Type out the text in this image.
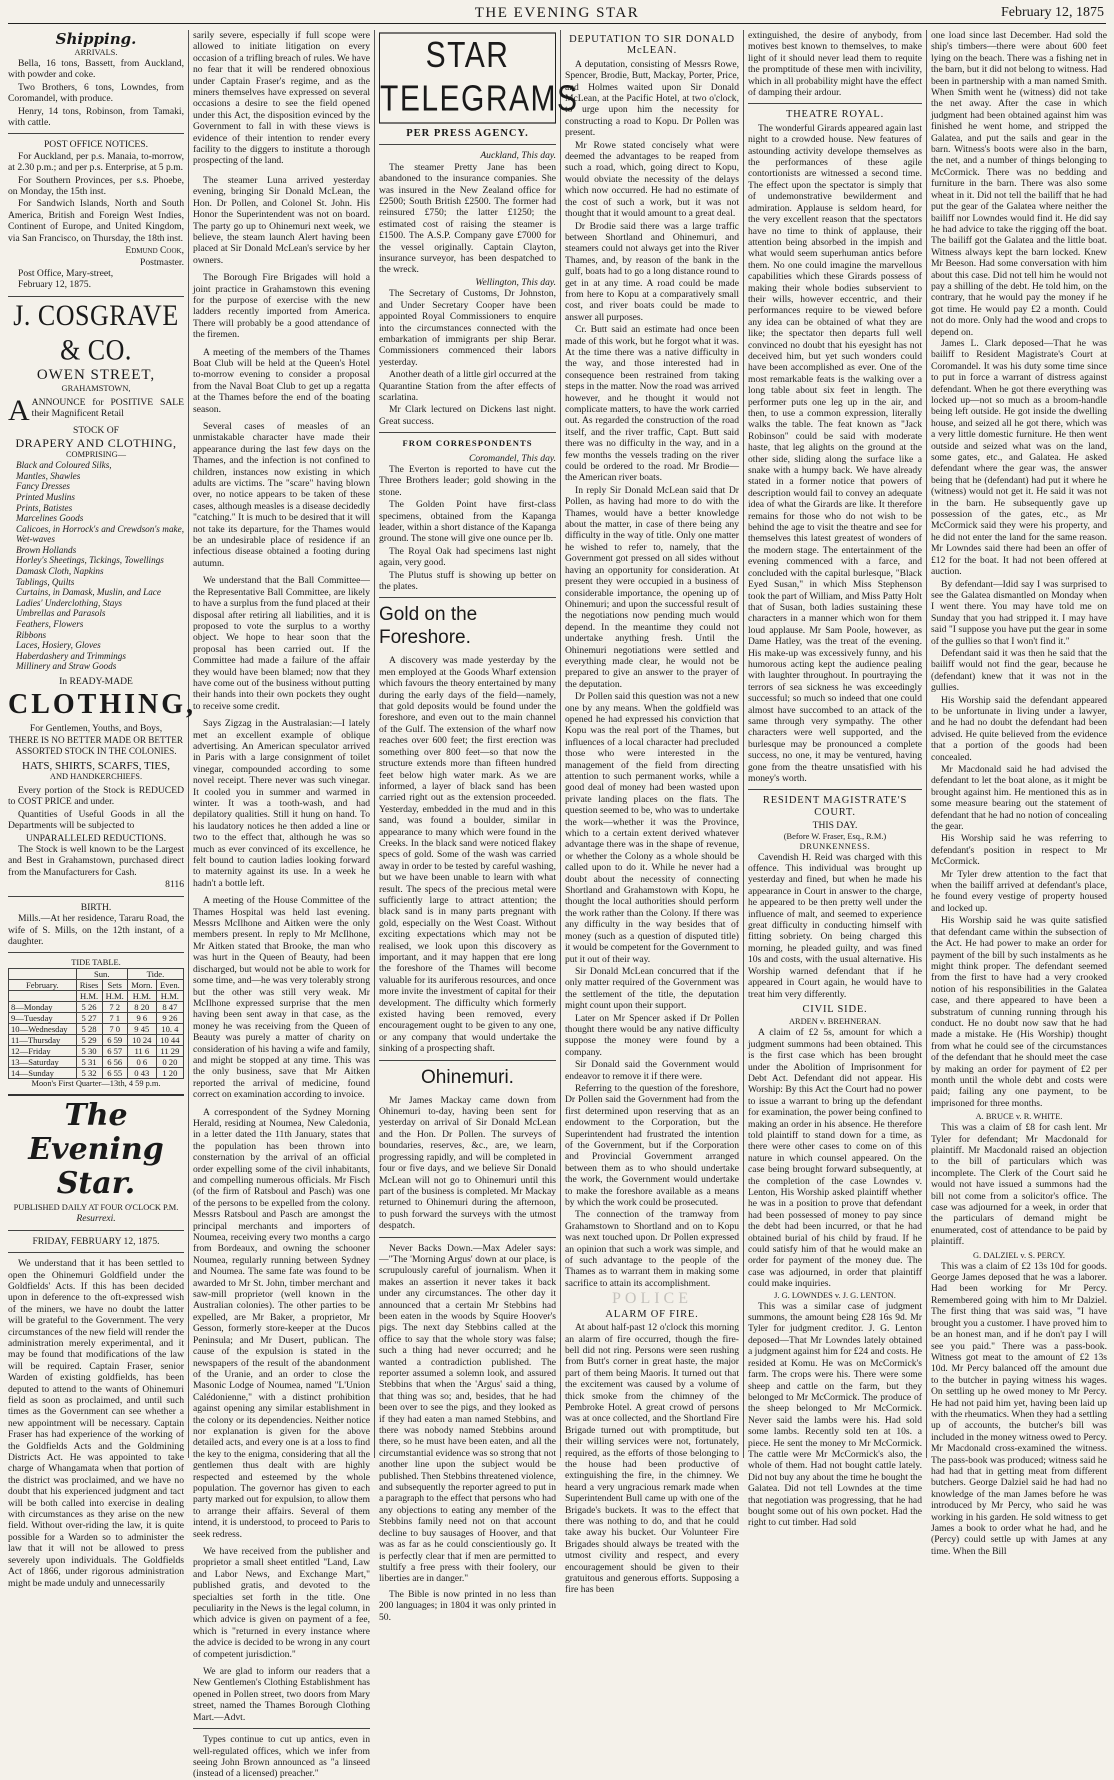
THE EVENING STAR	February 12, 1875
Shipping.
ARRIVALS.
Bella, 16 tons, Bassett, from Auckland, with powder and coke.
Two Brothers, 6 tons, Lowndes, from Coromandel, with produce.
Henry, 14 tons, Robinson, from Tamaki, with cattle.
POST OFFICE NOTICES.
For Auckland, per p.s. Manaia, to-morrow, at 2.30 p.m.; and per p.s. Enterprise, at 5 p.m.
For Southern Provinces, per s.s. Phoebe, on Monday, the 15th inst.
For Sandwich Islands, North and South America, British and Foreign West Indies, Continent of Europe, and United Kingdom, via San Francisco, on Thursday, the 18th inst.
Edmund Cook,
Postmaster.
Post Office, Mary-street,
February 12, 1875.
J. COSGRAVE & CO.
OWEN STREET,
GRAHAMSTOWN,
AANNOUNCE for POSITIVE SALE their Magnificent Retail
STOCK OF
DRAPERY AND CLOTHING,
COMPRISING—
Black and Coloured Silks,
Mantles, Shawles
Fancy Dresses
Printed Muslins
Prints, Batistes
Marcelines Goods
Calicoes, in Horrock's and Crewdson's make, Wet-waves
Brown Hollands
Horley's Sheetings, Tickings, Towellings
Damask Cloth, Napkins
Tablings, Quilts
Curtains, in Damask, Muslin, and Lace
Ladies' Underclothing, Stays
Umbrellas and Parasols
Feathers, Flowers
Ribbons
Laces, Hosiery, Gloves
Haberdashery and Trimmings
Millinery and Straw Goods
In READY-MADE
CLOTHING,
For Gentlemen, Youths, and Boys,
THERE IS NO BETTER MADE OR BETTER ASSORTED STOCK IN THE COLONIES.
HATS, SHIRTS, SCARFS, TIES,
AND HANDKERCHIEFS.
Every portion of the Stock is REDUCED to COST PRICE and under.
Quantities of Useful Goods in all the Departments will be subjected to
UNPARALLELED REDUCTIONS.
The Stock is well known to be the Largest and Best in Grahamstown, purchased direct from the Manufacturers for Cash.
8116
BIRTH.
Mills.—At her residence, Tararu Road, the wife of S. Mills, on the 12th instant, of a daughter.
TIDE TABLE.
	Sun.		Tide.	
February.	Rises	Sets	Morn.	Even.
	H.M.	H.M.	H.M.	H.M.
8—Monday	5 26	7 2	8 20	8 47
9—Tuesday	5 27	7 1	9 6	9 26
10—Wednesday	5 28	7 0	9 45	10. 4
11—Thursday	5 29	6 59	10 24	10 44
12—Friday	5 30	6 57	11 6	11 29
13—Saturday	5 31	6 56	0 6	0 20
14—Sunday	5 32	6 55	0 43	1 20
Moon's First Quarter—13th, 4 59 p.m.
The Evening Star.
PUBLISHED DAILY AT FOUR O'CLOCK P.M.
Resurrexi.
FRIDAY, FEBRUARY 12, 1875.
We understand that it has been settled to open the Ohinemuri Goldfield under the Goldfields' Acts. If this has been decided upon in deference to the oft-expressed wish of the miners, we have no doubt the latter will be grateful to the Government. The very circumstances of the new field will render the administration merely experimental, and it may be found that modifications of the law will be required. Captain Fraser, senior Warden of existing goldfields, has been deputed to attend to the wants of Ohinemuri field as soon as proclaimed, and until such times as the Government can see whether a new appointment will be necessary. Captain Fraser has had experience of the working of the Goldfields Acts and the Goldmining Districts Act. He was appointed to take charge of Whangamata when that portion of the district was proclaimed, and we have no doubt that his experienced judgment and tact will be both called into exercise in dealing with circumstances as they arise on the new field. Without over-riding the law, it is quite possible for a Warden so to administer the law that it will not be allowed to press severely upon individuals. The Goldfields Act of 1866, under rigorous administration might be made unduly and unnecessarily
sarily severe, especially if full scope were allowed to initiate litigation on every occasion of a trifling breach of rules. We have no fear that it will be rendered obnoxious under Captain Fraser's regime, and as the miners themselves have expressed on several occasions a desire to see the field opened under this Act, the disposition evinced by the Government to fall in with these views is evidence of their intention to render every facility to the diggers to institute a thorough prospecting of the land.
The steamer Luna arrived yesterday evening, bringing Sir Donald McLean, the Hon. Dr Pollen, and Colonel St. John. His Honor the Superintendent was not on board. The party go up to Ohinemuri next week, we believe, the steam launch Alert having been placed at Sir Donald McLean's service by her owners.
The Borough Fire Brigades will hold a joint practice in Grahamstown this evening for the purpose of exercise with the new ladders recently imported from America. There will probably be a good attendance of the firemen.
A meeting of the members of the Thames Boat Club will be held at the Queen's Hotel to-morrow evening to consider a proposal from the Naval Boat Club to get up a regatta at the Thames before the end of the boating season.
Several cases of measles of an unmistakable character have made their appearance during the last few days on the Thames, and the infection is not confined to children, instances now existing in which adults are victims. The "scare" having blown over, no notice appears to be taken of these cases, although measles is a disease decidedly "catching." It is much to be desired that it will not take its departure, for the Thames would be an undesirable place of residence if an infectious disease obtained a footing during autumn.
We understand that the Ball Committee—the Representative Ball Committee, are likely to have a surplus from the fund placed at their disposal after retiring all liabilities, and it is proposed to vote the surplus to a worthy object. We hope to hear soon that the proposal has been carried out. If the Committee had made a failure of the affair they would have been blamed; now that they have come out of the business without putting their hands into their own pockets they ought to receive some credit.
Says Zigzag in the Australasian:—I lately met an excellent example of oblique advertising. An American speculator arrived in Paris with a large consignment of toilet vinegar, compounded according to some novel receipt. There never was such vinegar. It cooled you in summer and warmed in winter. It was a tooth-wash, and had depilatory qualities. Still it hung on hand. To his laudatory notices he then added a line or two to the effect that, although he was so much as ever convinced of its excellence, he felt bound to caution ladies looking forward to maternity against its use. In a week he hadn't a bottle left.
A meeting of the House Committee of the Thames Hospital was held last evening. Messrs McIlhone and Aitken were the only members present. In reply to Mr McIlhone, Mr Aitken stated that Brooke, the man who was hurt in the Queen of Beauty, had been discharged, but would not be able to work for some time, and—he was very tolerably strong but the other was still very weak. Mr McIlhone expressed surprise that the men having been sent away in that case, as the money he was receiving from the Queen of Beauty was purely a matter of charity on consideration of his having a wife and family, and might be stopped at any time. This was the only business, save that Mr Aitken reported the arrival of medicine, found correct on examination according to invoice.
A correspondent of the Sydney Morning Herald, residing at Noumea, New Caledonia, in a letter dated the 11th January, states that the population has been thrown into consternation by the arrival of an official order expelling some of the civil inhabitants, and compelling numerous officials. Mr Fisch (of the firm of Ratsboul and Pasch) was one of the persons to be expelled from the colony. Messrs Ratsboul and Pasch are amongst the principal merchants and importers of Noumea, receiving every two months a cargo from Bordeaux, and owning the schooner Noumea, regularly running between Sydney and Noumea. The same fate was found to be awarded to Mr St. John, timber merchant and saw-mill proprietor (well known in the Australian colonies). The other parties to be expelled, are Mr Baker, a proprietor, Mr Gesson, formerly store-keeper at the Ducos Peninsula; and Mr Dusert, publican. The cause of the expulsion is stated in the newspapers of the result of the abandonment of the Uranie, and an order to close the Masonic Lodge of Noumea, named "L'Union Calédonienne," with a distinct prohibition against opening any similar establishment in the colony or its dependencies. Neither notice nor explanation is given for the above detailed acts, and every one is at a loss to find the key to the enigma, considering that all the gentlemen thus dealt with are highly respected and esteemed by the whole population. The governor has given to each party marked out for expulsion, to allow them to arrange their affairs. Several of them intend, it is understood, to proceed to Paris to seek redress.
We have received from the publisher and proprietor a small sheet entitled "Land, Law and Labor News, and Exchange Mart," published gratis, and devoted to the specialties set forth in the title. One peculiarity in the News is the legal column, in which advice is given on payment of a fee, which is "returned in every instance where the advice is decided to be wrong in any court of competent jurisdiction."
We are glad to inform our readers that a New Gentlemen's Clothing Establishment has opened in Pollen street, two doors from Mary street, named the Thames Borough Clothing Mart.—Advt.
Types continue to cut up antics, even in well-regulated offices, which we infer from seeing John Brown announced as "a linseed (instead of a licensed) preacher."
STAR TELEGRAMS
PER PRESS AGENCY.
Auckland, This day.
The steamer Pretty Jane has been abandoned to the insurance companies. She was insured in the New Zealand office for £2500; South British £2500. The former had reinsured £750; the latter £1250; the estimated cost of raising the steamer is £1500. The A.S.P. Company gave £7000 for the vessel originally. Captain Clayton, insurance surveyor, has been despatched to the wreck.
Wellington, This day.
The Secretary of Customs, Dr Johnston, and Under Secretary Cooper have been appointed Royal Commissioners to enquire into the circumstances connected with the embarkation of immigrants per ship Berar. Commissioners commenced their labors yesterday.
Another death of a little girl occurred at the Quarantine Station from the after effects of scarlatina.
Mr Clark lectured on Dickens last night. Great success.
FROM CORRESPONDENTS
Coromandel, This day.
The Everton is reported to have cut the Three Brothers leader; gold showing in the stone.
The Golden Point have first-class specimens, obtained from the Kapanga leader, within a short distance of the Kapanga ground. The stone will give one ounce per lb.
The Royal Oak had specimens last night again, very good.
The Plutus stuff is showing up better on the plates.
Gold on the Foreshore.
A discovery was made yesterday by the men employed at the Goods Wharf extension which favours the theory entertained by many during the early days of the field—namely, that gold deposits would be found under the foreshore, and even out to the main channel of the Gulf. The extension of the wharf now reaches over 600 feet; the first erection was something over 800 feet—so that now the structure extends more than fifteen hundred feet below high water mark. As we are informed, a layer of black sand has been carried right out as the extension proceeded. Yesterday, embedded in the mud and in this sand, was found a boulder, similar in appearance to many which were found in the Creeks. In the black sand were noticed flakey specs of gold. Some of the wash was carried away in order to be tested by careful washing, but we have been unable to learn with what result. The specs of the precious metal were sufficiently large to attract attention; the black sand is in many parts pregnant with gold, especially on the West Coast. Without exciting expectations which may not be realised, we look upon this discovery as important, and it may happen that ere long the foreshore of the Thames will become valuable for its auriferous resources, and once more invite the investment of capital for their development. The difficulty which formerly existed having been removed, every encouragement ought to be given to any one, or any company that would undertake the sinking of a prospecting shaft.
Ohinemuri.
Mr James Mackay came down from Ohinemuri to-day, having been sent for yesterday on arrival of Sir Donald McLean and the Hon. Dr Pollen. The surveys of boundaries, reserves, &c., are, we learn, progressing rapidly, and will be completed in four or five days, and we believe Sir Donald McLean will not go to Ohinemuri until this part of the business is completed. Mr Mackay returned to Ohinemuri during the afternoon, to push forward the surveys with the utmost despatch.
Never Backs Down.—Max Adeler says:—"The 'Morning Argus' down at our place, is scrupulously careful of journalism. When it makes an assertion it never takes it back under any circumstances. The other day it announced that a certain Mr Stebbins had been eaten in the woods by Squire Hoover's pigs. The next day Stebbins called at the office to say that the whole story was false; such a thing had never occurred; and he wanted a contradiction published. The reporter assumed a solemn look, and assured Stebbins that when the 'Argus' said a thing, that thing was so; and, besides, that he had been over to see the pigs, and they looked as if they had eaten a man named Stebbins, and there was nobody named Stebbins around there, so he must have been eaten, and all the circumstantial evidence was so strong that not another line upon the subject would be published. Then Stebbins threatened violence, and subsequently the reporter agreed to put in a paragraph to the effect that persons who had any objections to eating any member of the Stebbins family need not on that account decline to buy sausages of Hoover, and that was as far as he could conscientiously go. It is perfectly clear that if men are permitted to stultify a free press with their foolery, our liberties are in danger."
The Bible is now printed in no less than 200 languages; in 1804 it was only printed in 50.
DEPUTATION TO SIR DONALD McLEAN.
A deputation, consisting of Messrs Rowe, Spencer, Brodie, Butt, Mackay, Porter, Price, and Holmes waited upon Sir Donald McLean, at the Pacific Hotel, at two o'clock, to urge upon him the necessity for constructing a road to Kopu. Dr Pollen was present.
Mr Rowe stated concisely what were deemed the advantages to be reaped from such a road, which, going direct to Kopu, would obviate the necessity of the delays which now occurred. He had no estimate of the cost of such a work, but it was not thought that it would amount to a great deal.
Dr Brodie said there was a large traffic between Shortland and Ohinemuri, and steamers could not always get into the River Thames, and, by reason of the bank in the gulf, boats had to go a long distance round to get in at any time. A road could be made from here to Kopu at a comparatively small cost, and river boats could be made to answer all purposes.
Cr. Butt said an estimate had once been made of this work, but he forgot what it was. At the time there was a native difficulty in the way, and those interested had in consequence been restrained from taking steps in the matter. Now the road was arrived however, and he thought it would not complicate matters, to have the work carried out. As regarded the construction of the road itself, and the river traffic, Capt. Butt said there was no difficulty in the way, and in a few months the vessels trading on the river could be ordered to the road. Mr Brodie—the American river boats.
In reply Sir Donald McLean said that Dr Pollen, as having had more to do with the Thames, would have a better knowledge about the matter, in case of there being any difficulty in the way of title. Only one matter he wished to refer to, namely, that the Government got pressed on all sides without having an opportunity for consideration. At present they were occupied in a business of considerable importance, the opening up of Ohinemuri; and upon the successful result of the negotiations now pending much would depend. In the meantime they could not undertake anything fresh. Until the Ohinemuri negotiations were settled and everything made clear, he would not be prepared to give an answer to the prayer of the deputation.
Dr Pollen said this question was not a new one by any means. When the goldfield was opened he had expressed his conviction that Kopu was the real port of the Thames, but influences of a local character had precluded those who were interested in the management of the field from directing attention to such permanent works, while a good deal of money had been wasted upon private landing places on the flats. The question seemed to be, who was to undertake the work—whether it was the Province, which to a certain extent derived whatever advantage there was in the shape of revenue, or whether the Colony as a whole should be called upon to do it. While he never had a doubt about the necessity of connecting Shortland and Grahamstown with Kopu, he thought the local authorities should perform the work rather than the Colony. If there was any difficulty in the way besides that of money (such as a question of disputed title) it would be competent for the Government to put it out of their way.
Sir Donald McLean concurred that if the only matter required of the Government was the settlement of the title, the deputation might count upon their support.
Later on Mr Spencer asked if Dr Pollen thought there would be any native difficulty suppose the money were found by a company.
Sir Donald said the Government would endeavor to remove it if there were.
Referring to the question of the foreshore, Dr Pollen said the Government had from the first determined upon reserving that as an endowment to the Corporation, but the Superintendent had frustrated the intention of the Government, but if the Corporation and Provincial Government arranged between them as to who should undertake the work, the Government would undertake to make the foreshore available as a means by which the work could be prosecuted.
The connection of the tramway from Grahamstown to Shortland and on to Kopu was next touched upon. Dr Pollen expressed an opinion that such a work was simple, and of such advantage to the people of the Thames as to warrant them in making some sacrifice to attain its accomplishment.
POLICE
ALARM OF FIRE.
At about half-past 12 o'clock this morning an alarm of fire occurred, though the fire-bell did not ring. Persons were seen rushing from Butt's corner in great haste, the major part of them being Maoris. It turned out that the excitement was caused by a volume of thick smoke from the chimney of the Pembroke Hotel. A great crowd of persons was at once collected, and the Shortland Fire Brigade turned out with promptitude, but their willing services were not, fortunately, required, as the efforts of those belonging to the house had been productive of extinguishing the fire, in the chimney. We heard a very ungracious remark made when Superintendent Bull came up with one of the Brigade's buckets. It was to the effect that there was nothing to do, and that he could take away his bucket. Our Volunteer Fire Brigades should always be treated with the utmost civility and respect, and every encouragement should be given to their gratuitous and generous efforts. Supposing a fire has been
extinguished, the desire of anybody, from motives best known to themselves, to make light of it should never lead them to requite the promptitude of these men with incivility, which in all probability might have the effect of damping their ardour.
THEATRE ROYAL.
The wonderful Girards appeared again last night to a crowded house. New features of astounding activity develope themselves as the performances of these agile contortionists are witnessed a second time. The effect upon the spectator is simply that of undemonstrative bewilderment and admiration. Applause is seldom heard, for the very excellent reason that the spectators have no time to think of applause, their attention being absorbed in the impish and what would seem superhuman antics before them. No one could imagine the marvellous capabilities which these Girards possess of making their whole bodies subservient to their wills, however eccentric, and their performances require to be viewed before any idea can be obtained of what they are like; the spectator then departs full well convinced no doubt that his eyesight has not deceived him, but yet such wonders could have been accomplished as ever. One of the most remarkable feats is the walking over a long table about six feet in length. The performer puts one leg up in the air, and then, to use a common expression, literally walks the table. The feat known as "Jack Robinson" could be said with moderate haste, that leg alights on the ground at the other side, sliding along the surface like a snake with a humpy back. We have already stated in a former notice that powers of description would fail to convey an adequate idea of what the Girards are like. It therefore remains for those who do not wish to be behind the age to visit the theatre and see for themselves this latest greatest of wonders of the modern stage. The entertainment of the evening commenced with a farce, and concluded with the capital burlesque, "Black Eyed Susan," in which Miss Stephenson took the part of William, and Miss Patty Holt that of Susan, both ladies sustaining these characters in a manner which won for them loud applause. Mr Sam Poole, however, as Dame Hatley, was the treat of the evening. His make-up was excessively funny, and his humorous acting kept the audience pealing with laughter throughout. In pourtraying the terrors of sea sickness he was exceedingly successful; so much so indeed that one could almost have succombed to an attack of the same through very sympathy. The other characters were well supported, and the burlesque may be pronounced a complete success, no one, it may be ventured, having gone from the theatre unsatisfied with his money's worth.
RESIDENT MAGISTRATE'S COURT.
THIS DAY.
(Before W. Fraser, Esq., R.M.)
DRUNKENNESS.
Cavendish H. Reid was charged with this offence. This individual was brought up yesterday and fined, but when he made his appearance in Court in answer to the charge, he appeared to be then pretty well under the influence of malt, and seemed to experience great difficulty in conducting himself with fitting sobriety. On being charged this morning, he pleaded guilty, and was fined 10s and costs, with the usual alternative. His Worship warned defendant that if he appeared in Court again, he would have to treat him very differently.
CIVIL SIDE.
ARDEN v. BREHNERAN.
A claim of £2 5s, amount for which a judgment summons had been obtained. This is the first case which has been brought under the Abolition of Imprisonment for Debt Act. Defendant did not appear. His Worship: By this Act the Court had no power to issue a warrant to bring up the defendant for examination, the power being confined to making an order in his absence. He therefore told plaintiff to stand down for a time, as there were other cases to come on of this nature in which counsel appeared. On the case being brought forward subsequently, at the completion of the case Lowndes v. Lenton, His Worship asked plaintiff whether he was in a position to prove that defendant had been possessed of money to pay since the debt had been incurred, or that he had obtained burial of his child by fraud. If he could satisfy him of that he would make an order for payment of the money due. The case was adjourned, in order that plaintiff could make inquiries.
J. G. LOWNDES v. J. G. LENTON.
This was a similar case of judgment summons, the amount being £28 16s 9d. Mr Tyler for judgment creditor. J. G. Lenton deposed—That Mr Lowndes lately obtained a judgment against him for £24 and costs. He resided at Komu. He was on McCormick's farm. The crops were his. There were some sheep and cattle on the farm, but they belonged to Mr McCormick. The produce of the sheep belonged to Mr McCormick. Never said the lambs were his. Had sold some lambs. Recently sold ten at 10s. a piece. He sent the money to Mr McCormick. The cattle were Mr McCormick's also, the whole of them. Had not bought cattle lately. Did not buy any about the time he bought the Galatea. Did not tell Lowndes at the time that negotiation was progressing, that he had bought some out of his own pocket. Had the right to cut timber. Had sold
one load since last December. Had sold the ship's timbers—there were about 600 feet lying on the beach. There was a fishing net in the barn, but it did not belong to witness. Had been in partnership with a man named Smith. When Smith went he (witness) did not take the net away. After the case in which judgment had been obtained against him was finished he went home, and stripped the Galatea, and put the sails and gear in the barn. Witness's boots were also in the barn, the net, and a number of things belonging to McCormick. There was no bedding and furniture in the barn. There was also some wheat in it. Did not tell the bailiff that he had put the gear of the Galatea where neither the bailiff nor Lowndes would find it. He did say he had advice to take the rigging off the boat. The bailiff got the Galatea and the little boat. Witness always kept the barn locked. Knew Mr Beeson. Had some conversation with him about this case. Did not tell him he would not pay a shilling of the debt. He told him, on the contrary, that he would pay the money if he got time. He would pay £2 a month. Could not do more. Only had the wood and crops to depend on.
James L. Clark deposed—That he was bailiff to Resident Magistrate's Court at Coromandel. It was his duty some time since to put in force a warrant of distress against defendant. When he got there everything was locked up—not so much as a broom-handle being left outside. He got inside the dwelling house, and seized all he got there, which was a very little domestic furniture. He then went outside and seized what was on the land, some gates, etc., and Galatea. He asked defendant where the gear was, the answer being that he (defendant) had put it where he (witness) would not get it. He said it was not in the barn. He subsequently gave up possession of the gates, etc., as Mr McCormick said they were his property, and he did not enter the land for the same reason. Mr Lowndes said there had been an offer of £12 for the boat. It had not been offered at auction.
By defendant—Idid say I was surprised to see the Galatea dismantled on Monday when I went there. You may have told me on Sunday that you had stripped it. I may have said "I suppose you have put the gear in some of the gullies so that I won't find it."
Defendant said it was then he said that the bailiff would not find the gear, because he (defendant) knew that it was not in the gullies.
His Worship said the defendant appeared to be unfortunate in living under a lawyer, and he had no doubt the defendant had been advised. He quite believed from the evidence that a portion of the goods had been concealed.
Mr Macdonald said he had advised the defendant to let the boat alone, as it might be brought against him. He mentioned this as in some measure bearing out the statement of defendant that he had no notion of concealing the gear.
His Worship said he was referring to defendant's position in respect to Mr McCormick.
Mr Tyler drew attention to the fact that when the bailiff arrived at defendant's place, he found every vestige of property housed and locked up.
His Worship said he was quite satisfied that defendant came within the subsection of the Act. He had power to make an order for payment of the bill by such instalments as he might think proper. The defendant seemed from the first to have had a very crooked notion of his responsibilities in the Galatea case, and there appeared to have been a substratum of cunning running through his conduct. He no doubt now saw that he had made a mistake. He (His Worship) thought from what he could see of the circumstances of the defendant that he should meet the case by making an order for payment of £2 per month until the whole debt and costs were paid; failing any one payment, to be imprisoned for three months.
A. BRUCE v. R. WHITE.
This was a claim of £8 for cash lent. Mr Tyler for defendant; Mr Macdonald for plaintiff. Mr Macdonald raised an objection to the bill of particulars which was incomplete. The Clerk of the Court said he would not have issued a summons had the bill not come from a solicitor's office. The case was adjourned for a week, in order that the particulars of demand might be enumerated, cost of attendance to be paid by plaintiff.
G. DALZIEL v. S. PERCY.
This was a claim of £2 13s 10d for goods. George James deposed that he was a laborer. Had been working for Mr Percy. Remembered going with him to Mr Dalziel. The first thing that was said was, "I have brought you a customer. I have proved him to be an honest man, and if he don't pay I will see you paid." There was a pass-book. Witness got meat to the amount of £2 13s 10d. Mr Percy balanced off the amount due to the butcher in paying witness his wages. On settling up he owed money to Mr Percy. He had not paid him yet, having been laid up with the rheumatics. When they had a settling up of accounts, the butcher's bill was included in the money witness owed to Percy. Mr Macdonald cross-examined the witness. The pass-book was produced; witness said he had had that in getting meat from different butchers. George Dalziel said he had had no knowledge of the man James before he was introduced by Mr Percy, who said he was working in his garden. He sold witness to get James a book to order what he had, and he (Percy) could settle up with James at any time. When the Bill
